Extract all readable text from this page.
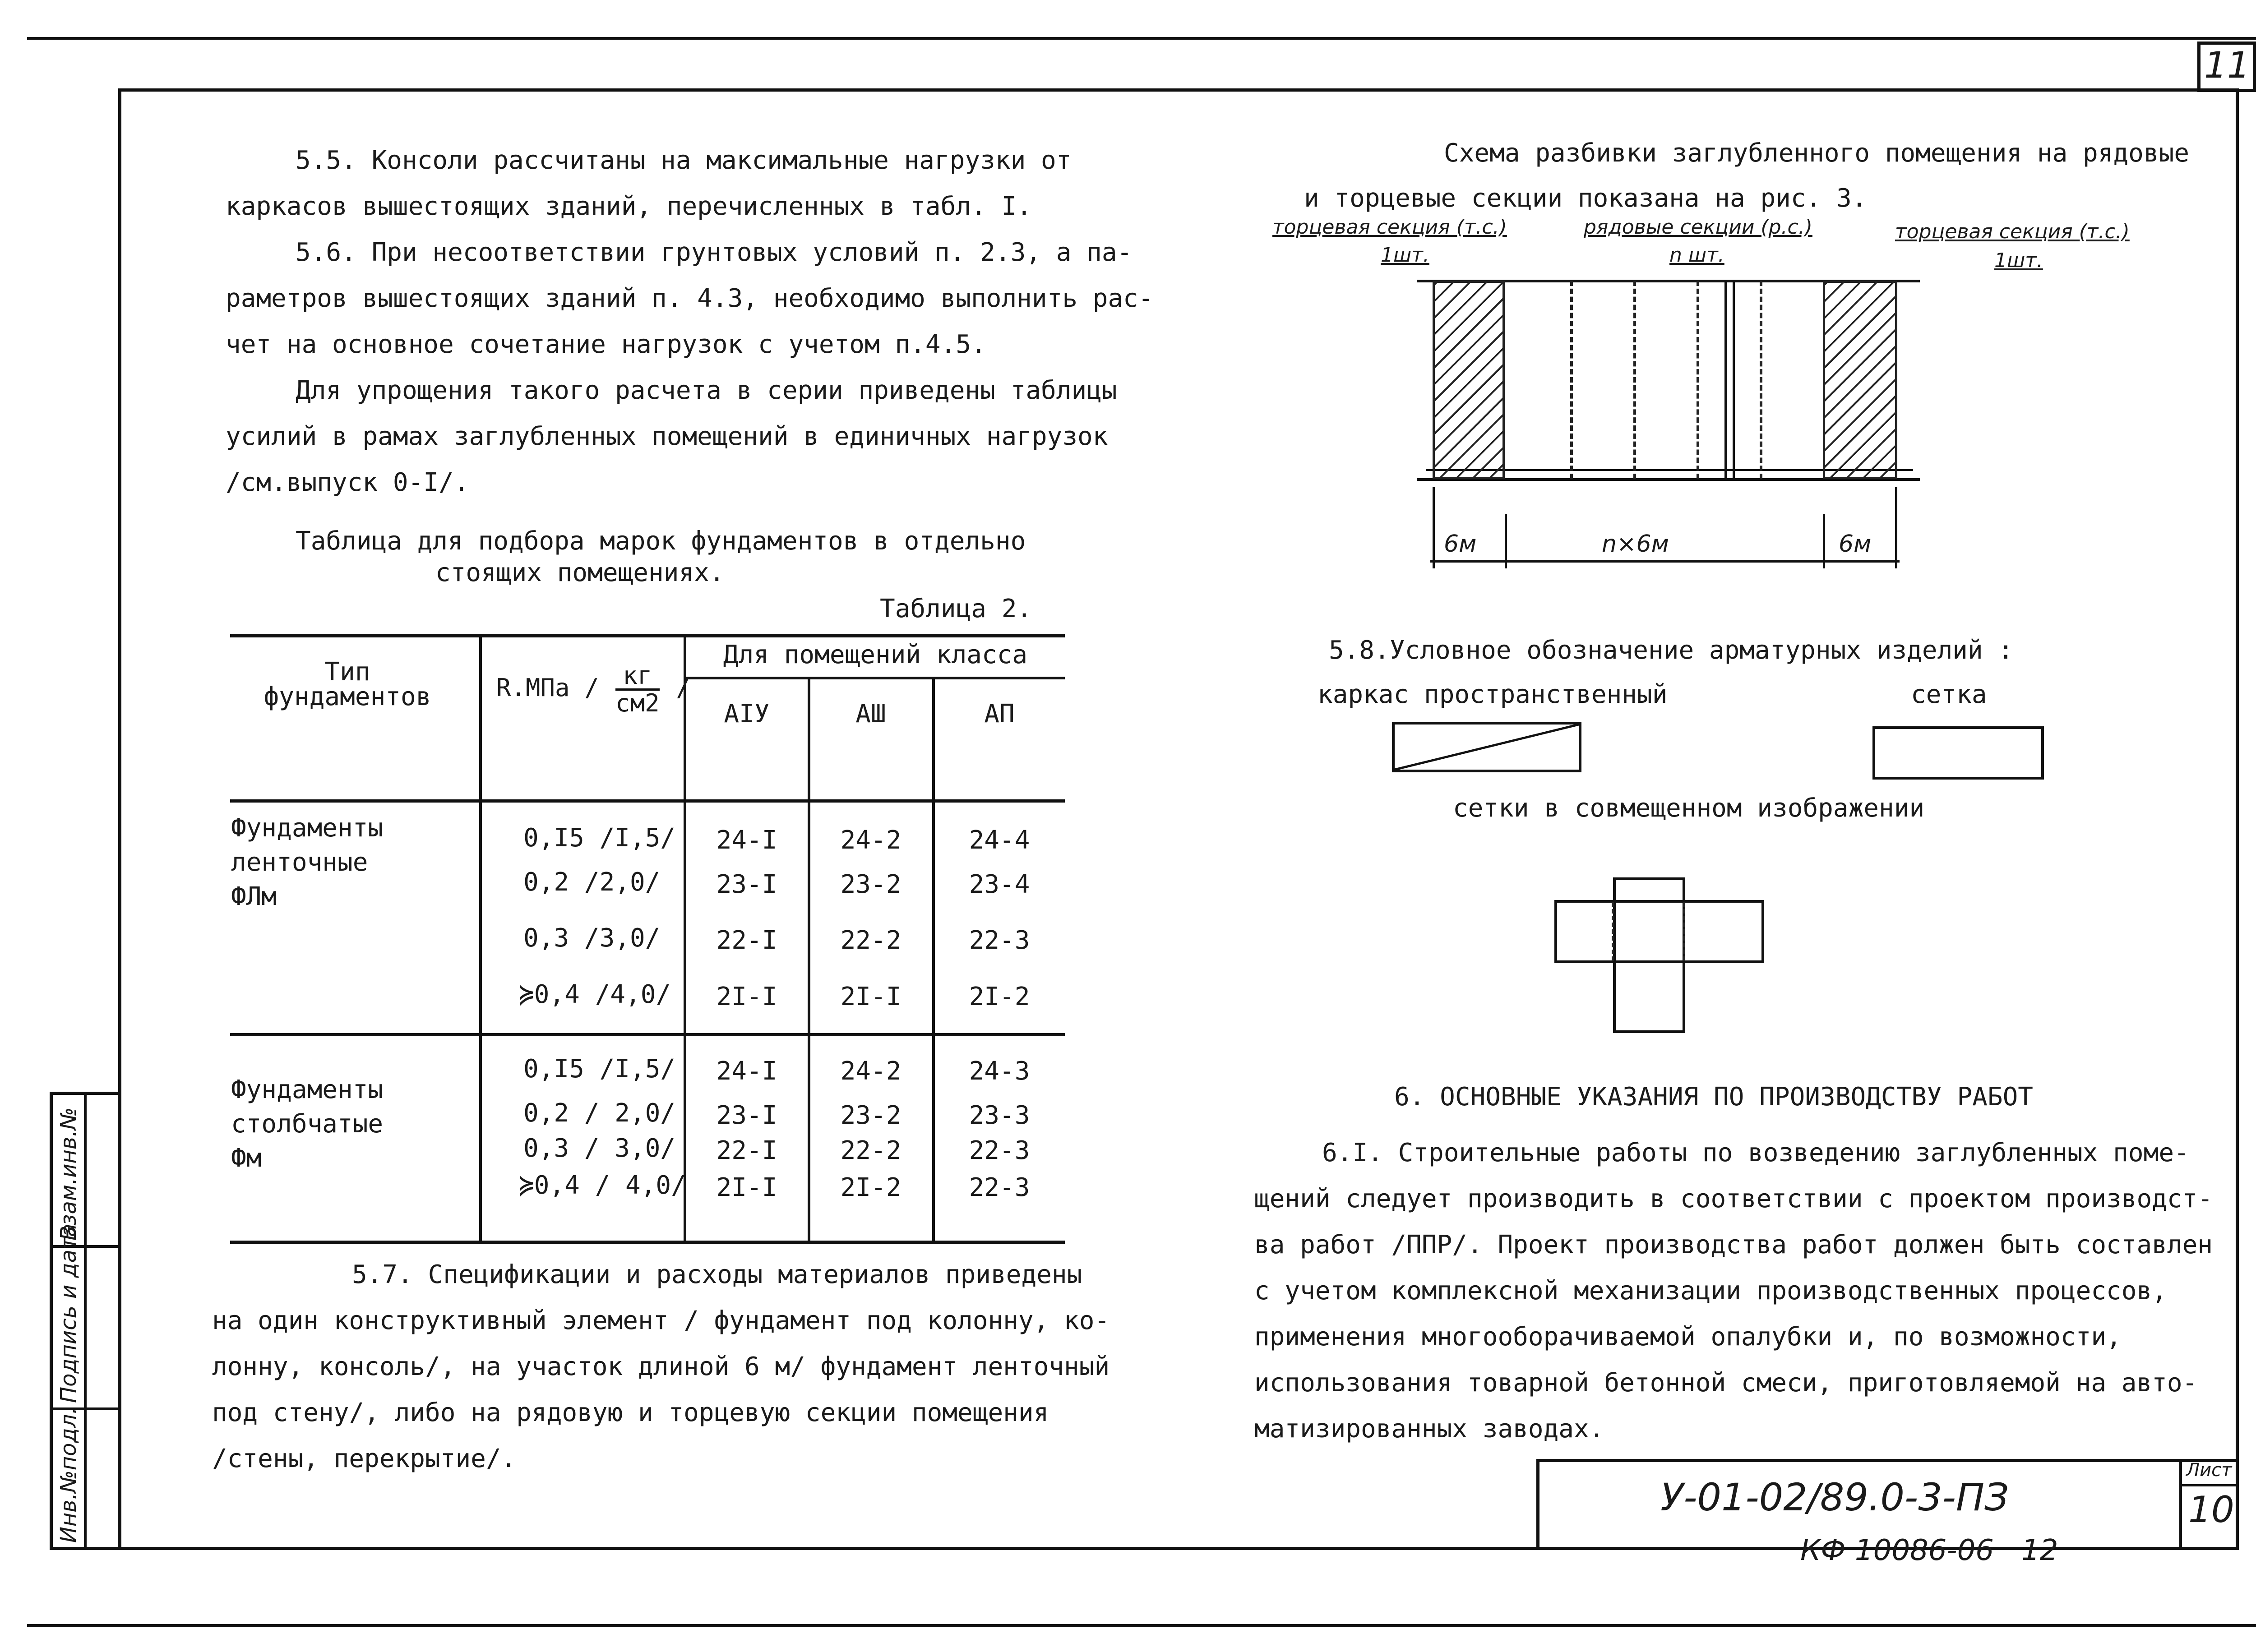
11
Взам.инв.№
Подпись и дата
Инв.№подл.
5.5. Консоли рассчитаны на максимальные нагрузки от
каркасов вышестоящих зданий, перечисленных в табл. I.
5.6. При несоответствии грунтовых условий п. 2.3, а па-
раметров вышестоящих зданий п. 4.3, необходимо выполнить рас-
чет на основное сочетание нагрузок с учетом п.4.5.
Для упрощения такого расчета в серии приведены таблицы
усилий в рамах заглубленных помещений в единичных нагрузок
/см.выпуск 0-I/.
Таблица для подбора марок фундаментов в отдельно
стоящих помещениях.
Таблица 2.
Тип
фундаментов	R.МПа / кг
см2
/
Для помещений класса
АIУ	АШ	АП
Фундаменты
ленточные
ФЛм
0,I5 /I,5/	24-I	24-2	24-4
0,2 /2,0/	23-I	23-2	23-4
0,3 /3,0/	22-I	22-2	22-3
≽0,4 /4,0/	2I-I	2I-I	2I-2
Фундаменты
столбчатые
Фм
0,I5 /I,5/	24-I	24-2	24-3
0,2 / 2,0/	23-I	23-2	23-3
0,3 / 3,0/	22-I	22-2	22-3
≽0,4 / 4,0/	2I-I	2I-2	22-3
5.7. Спецификации и расходы материалов приведены
на один конструктивный элемент / фундамент под колонну, ко-
лонну, консоль/, на участок длиной 6 м/ фундамент ленточный
под стену/, либо на рядовую и торцевую секции помещения
/стены, перекрытие/.
Схема разбивки заглубленного помещения на рядовые
и торцевые секции показана на рис. 3.
торцевая секция (т.с.)
1шт.
рядовые секции (р.с.)
n шт.
торцевая секция (т.с.)
1шт.
6м	n×6м	6м
5.8.Условное обозначение арматурных изделий :
каркас пространственный	сетка
сетки в совмещенном изображении
6. ОСНОВНЫЕ УКАЗАНИЯ ПО ПРОИЗВОДСТВУ РАБОТ
6.I. Строительные работы по возведению заглубленных поме-
щений следует производить в соответствии с проектом производст-
ва работ /ППР/. Проект производства работ должен быть составлен
с учетом комплексной механизации производственных процессов,
применения многооборачиваемой опалубки и, по возможности,
использования товарной бетонной смеси, приготовляемой на авто-
матизированных заводах.
У-01-02/89.0-3-ПЗ
Лист
10
КФ 10086-06 12
